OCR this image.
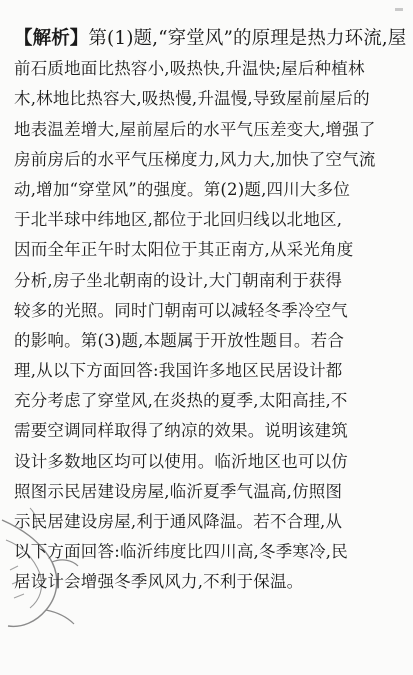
【解析】第(1)题,“穿堂风”的原理是热力环流,屋
前石质地面比热容小,吸热快,升温快;屋后种植林
木,林地比热容大,吸热慢,升温慢,导致屋前屋后的
地表温差增大,屋前屋后的水平气压差变大,增强了
房前房后的水平气压梯度力,风力大,加快了空气流
动,增加“穿堂风”的强度。第(2)题,四川大多位
于北半球中纬地区,都位于北回归线以北地区,
因而全年正午时太阳位于其正南方,从采光角度
分析,房子坐北朝南的设计,大门朝南利于获得
较多的光照。同时门朝南可以减轻冬季冷空气
的影响。第(3)题,本题属于开放性题目。若合
理,从以下方面回答:我国许多地区民居设计都
充分考虑了穿堂风,在炎热的夏季,太阳高挂,不
需要空调同样取得了纳凉的效果。说明该建筑
设计多数地区均可以使用。临沂地区也可以仿
照图示民居建设房屋,临沂夏季气温高,仿照图
示民居建设房屋,利于通风降温。若不合理,从
以下方面回答:临沂纬度比四川高,冬季寒冷,民
居设计会增强冬季风风力,不利于保温。
